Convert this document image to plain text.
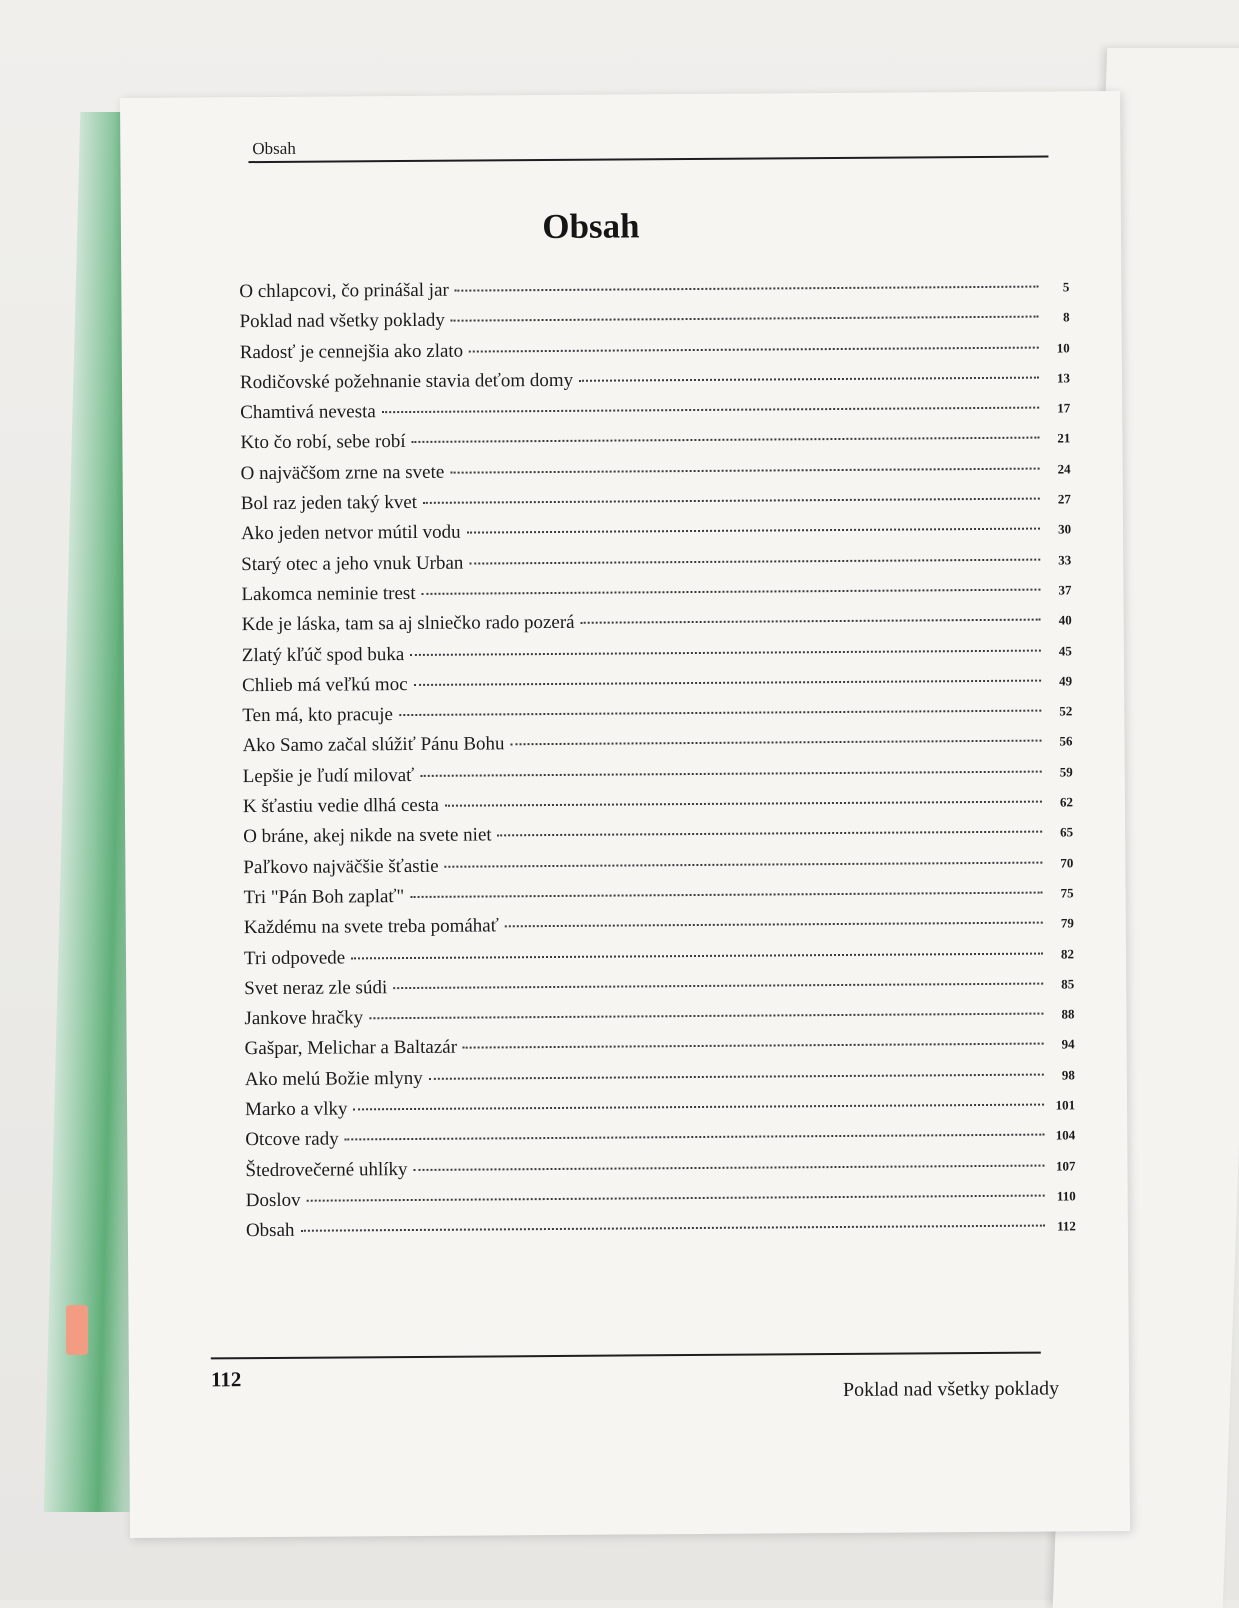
Obsah
Obsah
O chlapcovi, čo prinášal jar	5
Poklad nad všetky poklady	8
Radosť je cennejšia ako zlato	10
Rodičovské požehnanie stavia deťom domy	13
Chamtivá nevesta	17
Kto čo robí, sebe robí	21
O najväčšom zrne na svete	24
Bol raz jeden taký kvet	27
Ako jeden netvor mútil vodu	30
Starý otec a jeho vnuk Urban	33
Lakomca neminie trest	37
Kde je láska, tam sa aj slniečko rado pozerá	40
Zlatý kľúč spod buka	45
Chlieb má veľkú moc	49
Ten má, kto pracuje	52
Ako Samo začal slúžiť Pánu Bohu	56
Lepšie je ľudí milovať	59
K šťastiu vedie dlhá cesta	62
O bráne, akej nikde na svete niet	65
Paľkovo najväčšie šťastie	70
Tri "Pán Boh zaplať"	75
Každému na svete treba pomáhať	79
Tri odpovede	82
Svet neraz zle súdi	85
Jankove hračky	88
Gašpar, Melichar a Baltazár	94
Ako melú Božie mlyny	98
Marko a vlky	101
Otcove rady	104
Štedrovečerné uhlíky	107
Doslov	110
Obsah	112
112	Poklad nad všetky poklady
